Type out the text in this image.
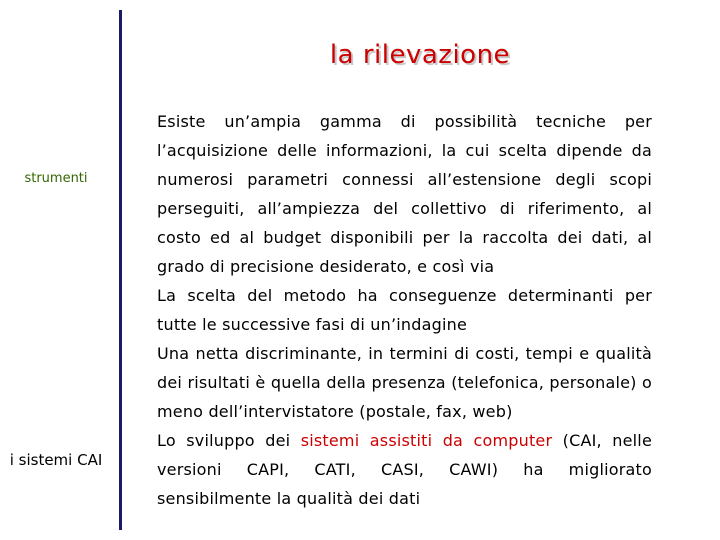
la rilevazione
strumenti
i sistemi CAI

Esiste un’ampia gamma di possibilità tecniche per l’acquisizione delle informazioni, la cui scelta dipende da numerosi parametri connessi all’estensione degli scopi perseguiti, all’ampiezza del collettivo di riferimento, al costo ed al budget disponibili per la raccolta dei dati, al grado di precisione desiderato, e così via

La scelta del metodo ha conseguenze determinanti per tutte le successive fasi di un’indagine

Una netta discriminante, in termini di costi, tempi e qualità dei risultati è quella della presenza (telefonica, personale) o meno dell’intervistatore (postale, fax, web)

Lo sviluppo dei sistemi assistiti da computer (CAI, nelle versioni CAPI, CATI, CASI, CAWI) ha migliorato sensibilmente la qualità dei dati
